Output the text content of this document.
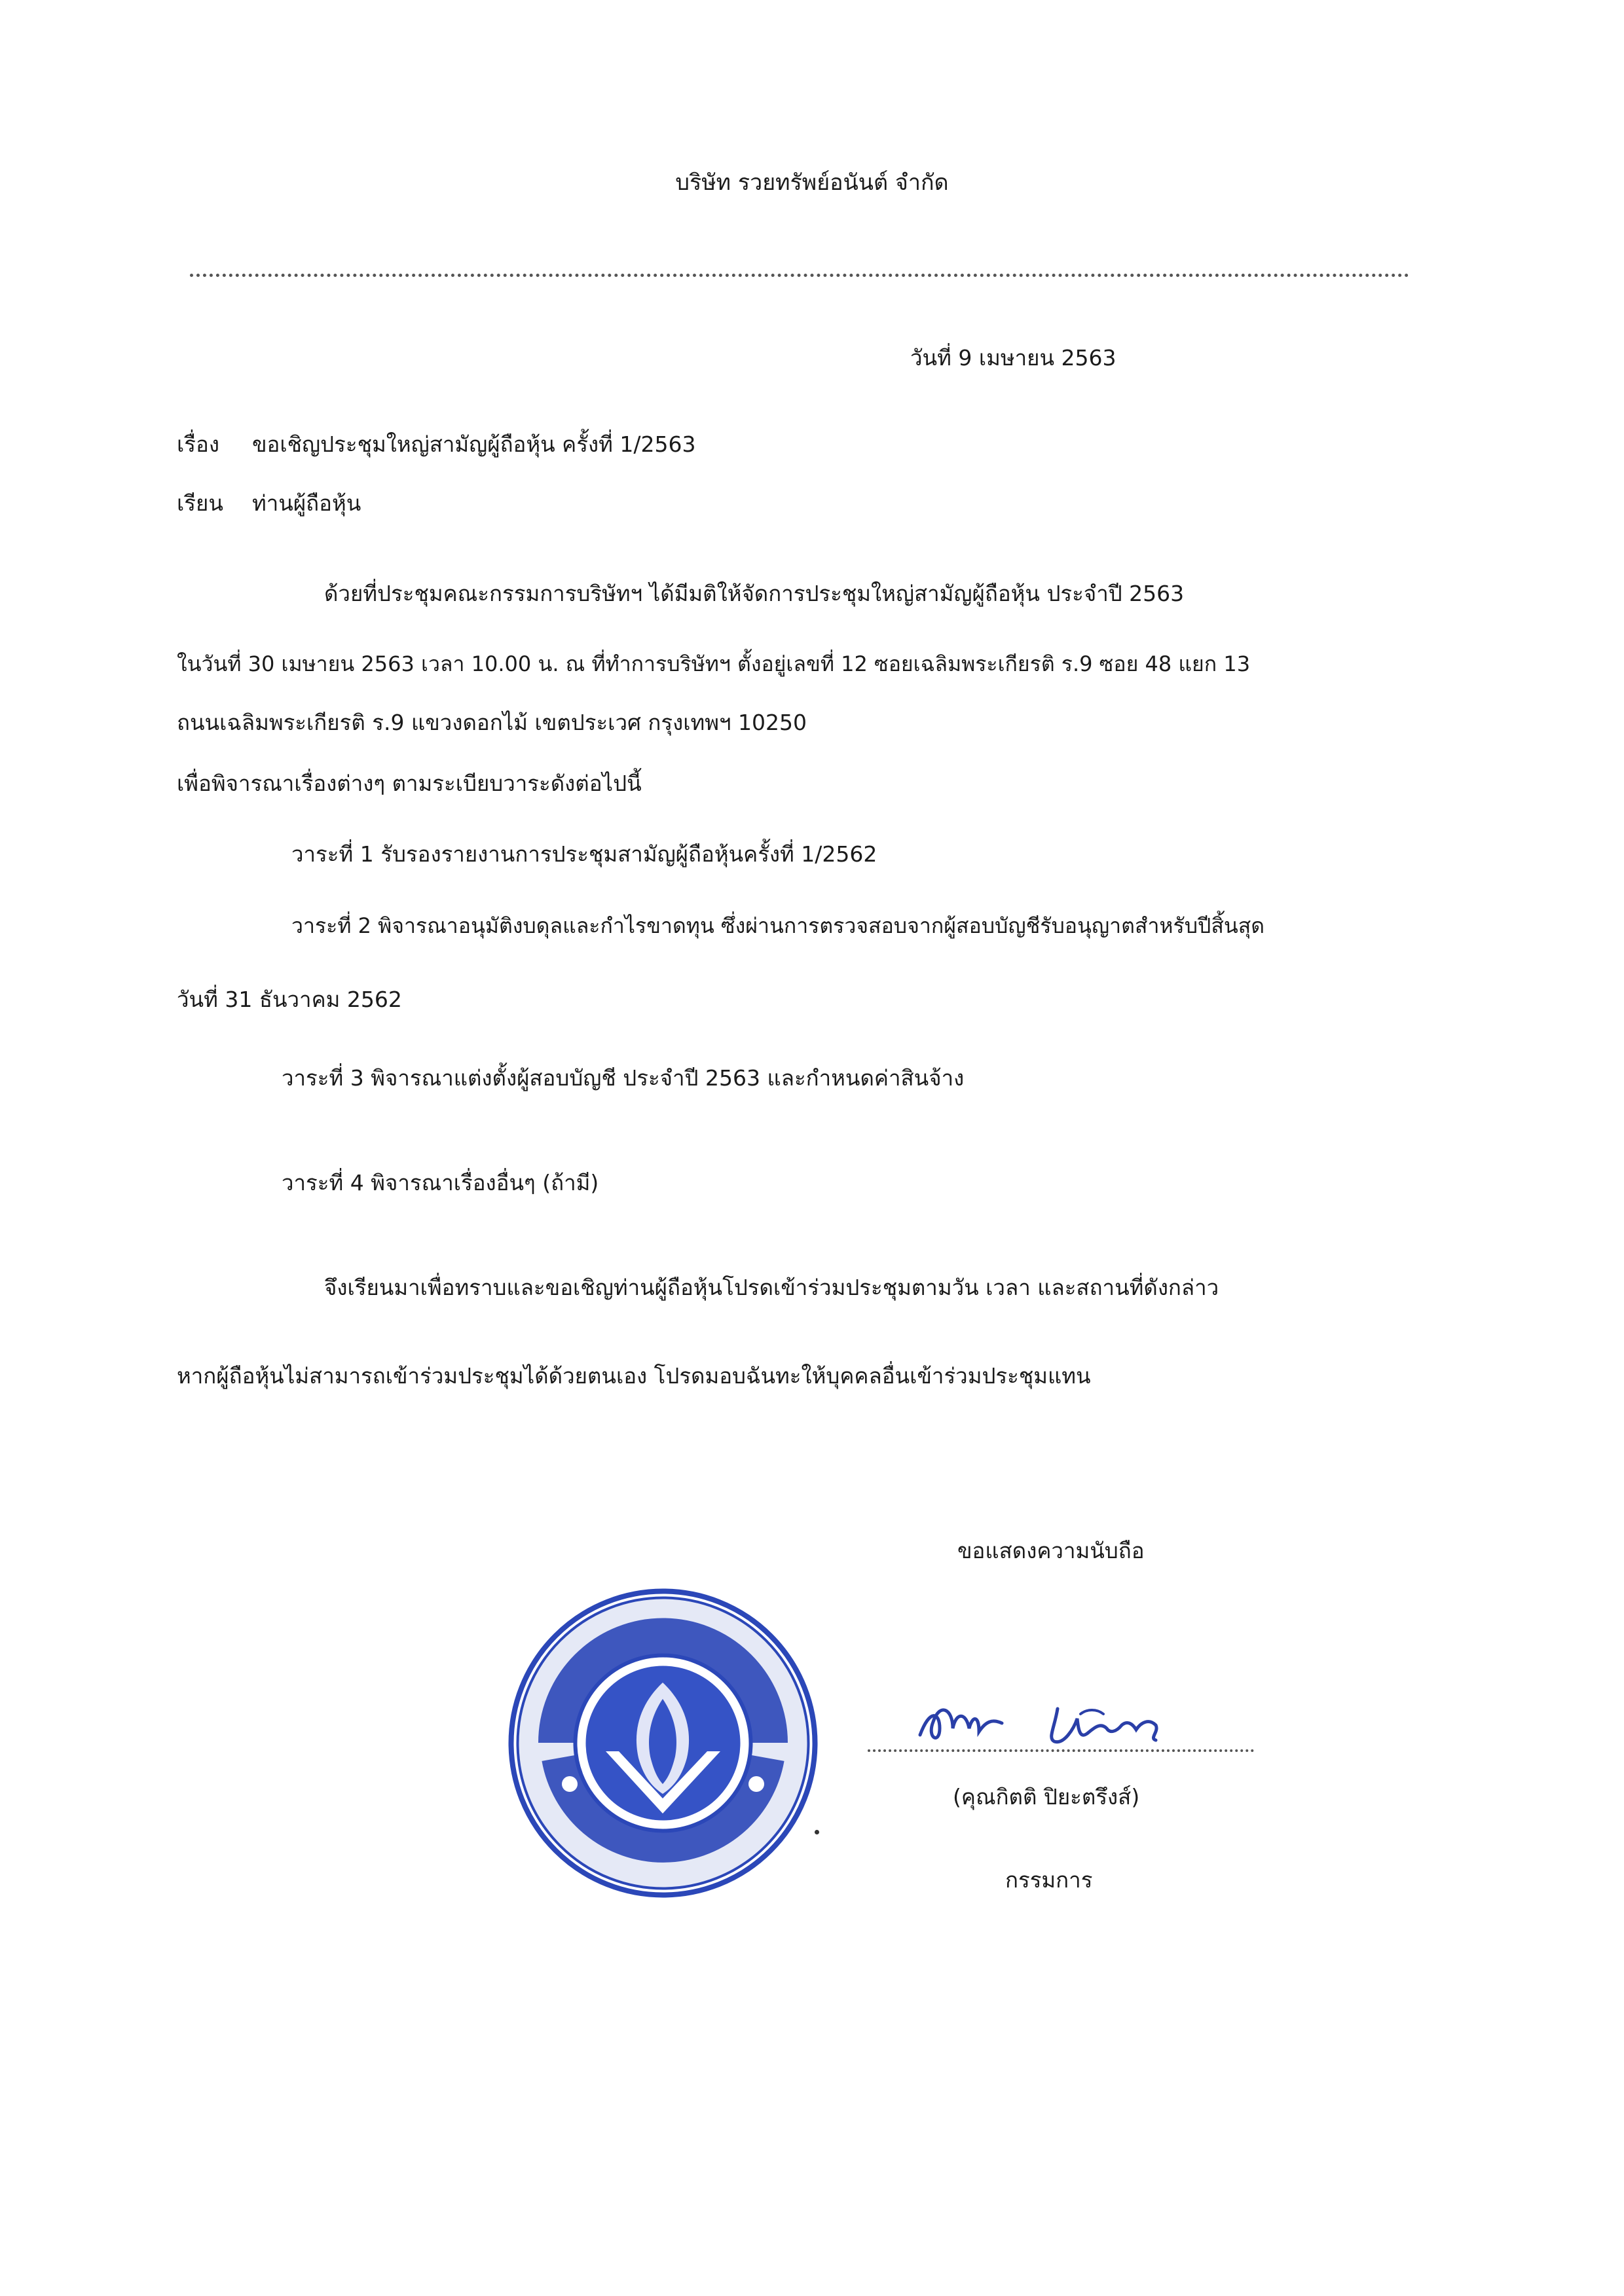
บริษัท รวยทรัพย์อนันต์ จำกัด
วันที่ 9 เมษายน 2563
เรื่อง ขอเชิญประชุมใหญ่สามัญผู้ถือหุ้น ครั้งที่ 1/2563
เรียน ท่านผู้ถือหุ้น
ด้วยที่ประชุมคณะกรรมการบริษัทฯ ได้มีมติให้จัดการประชุมใหญ่สามัญผู้ถือหุ้น ประจำปี 2563
ในวันที่ 30 เมษายน 2563 เวลา 10.00 น. ณ ที่ทำการบริษัทฯ ตั้งอยู่เลขที่ 12 ซอยเฉลิมพระเกียรติ ร.9 ซอย 48 แยก 13
ถนนเฉลิมพระเกียรติ ร.9 แขวงดอกไม้ เขตประเวศ กรุงเทพฯ 10250
เพื่อพิจารณาเรื่องต่างๆ ตามระเบียบวาระดังต่อไปนี้
วาระที่ 1 รับรองรายงานการประชุมสามัญผู้ถือหุ้นครั้งที่ 1/2562
วาระที่ 2 พิจารณาอนุมัติงบดุลและกำไรขาดทุน ซึ่งผ่านการตรวจสอบจากผู้สอบบัญชีรับอนุญาตสำหรับปีสิ้นสุด
วันที่ 31 ธันวาคม 2562
วาระที่ 3 พิจารณาแต่งตั้งผู้สอบบัญชี ประจำปี 2563 และกำหนดค่าสินจ้าง
วาระที่ 4 พิจารณาเรื่องอื่นๆ (ถ้ามี)
จึงเรียนมาเพื่อทราบและขอเชิญท่านผู้ถือหุ้นโปรดเข้าร่วมประชุมตามวัน เวลา และสถานที่ดังกล่าว
หากผู้ถือหุ้นไม่สามารถเข้าร่วมประชุมได้ด้วยตนเอง โปรดมอบฉันทะให้บุคคลอื่นเข้าร่วมประชุมแทน
ขอแสดงความนับถือ
(คุณกิตติ ปิยะตรึงส์)
กรรมการ
